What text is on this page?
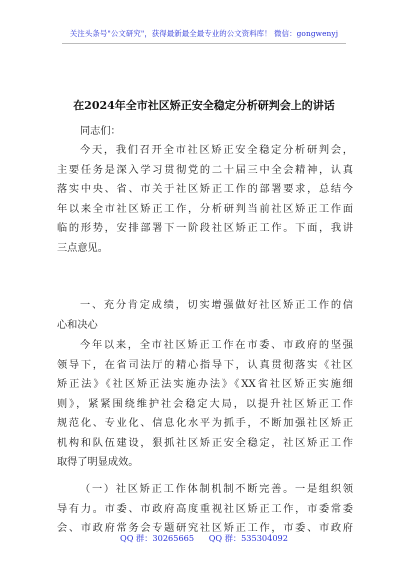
关注头条号"公文研究"，获得最新最全最专业的公文资料库！ 微信：gongwenyj
在2024年全市社区矫正安全稳定分析研判会上的讲话
同志们：
今天，我们召开全市社区矫正安全稳定分析研判会，
主要任务是深入学习贯彻党的二十届三中全会精神，认真
落实中央、省、市关于社区矫正工作的部署要求，总结今
年以来全市社区矫正工作，分析研判当前社区矫正工作面
临的形势，安排部署下一阶段社区矫正工作。下面，我讲
三点意见。
一、充分肯定成绩，切实增强做好社区矫正工作的信
心和决心
今年以来，全市社区矫正工作在市委、市政府的坚强
领导下，在省司法厅的精心指导下，认真贯彻落实《社区
矫正法》《社区矫正法实施办法》《XX省社区矫正实施细
则》，紧紧围绕维护社会稳定大局，以提升社区矫正工作
规范化、专业化、信息化水平为抓手，不断加强社区矫正
机构和队伍建设，狠抓社区矫正安全稳定，社区矫正工作
取得了明显成效。
（一）社区矫正工作体制机制不断完善。一是组织领
导有力。市委、市政府高度重视社区矫正工作，市委常委
会、市政府常务会专题研究社区矫正工作，市委、市政府
QQ 群：30265665 QQ 群：535304092
